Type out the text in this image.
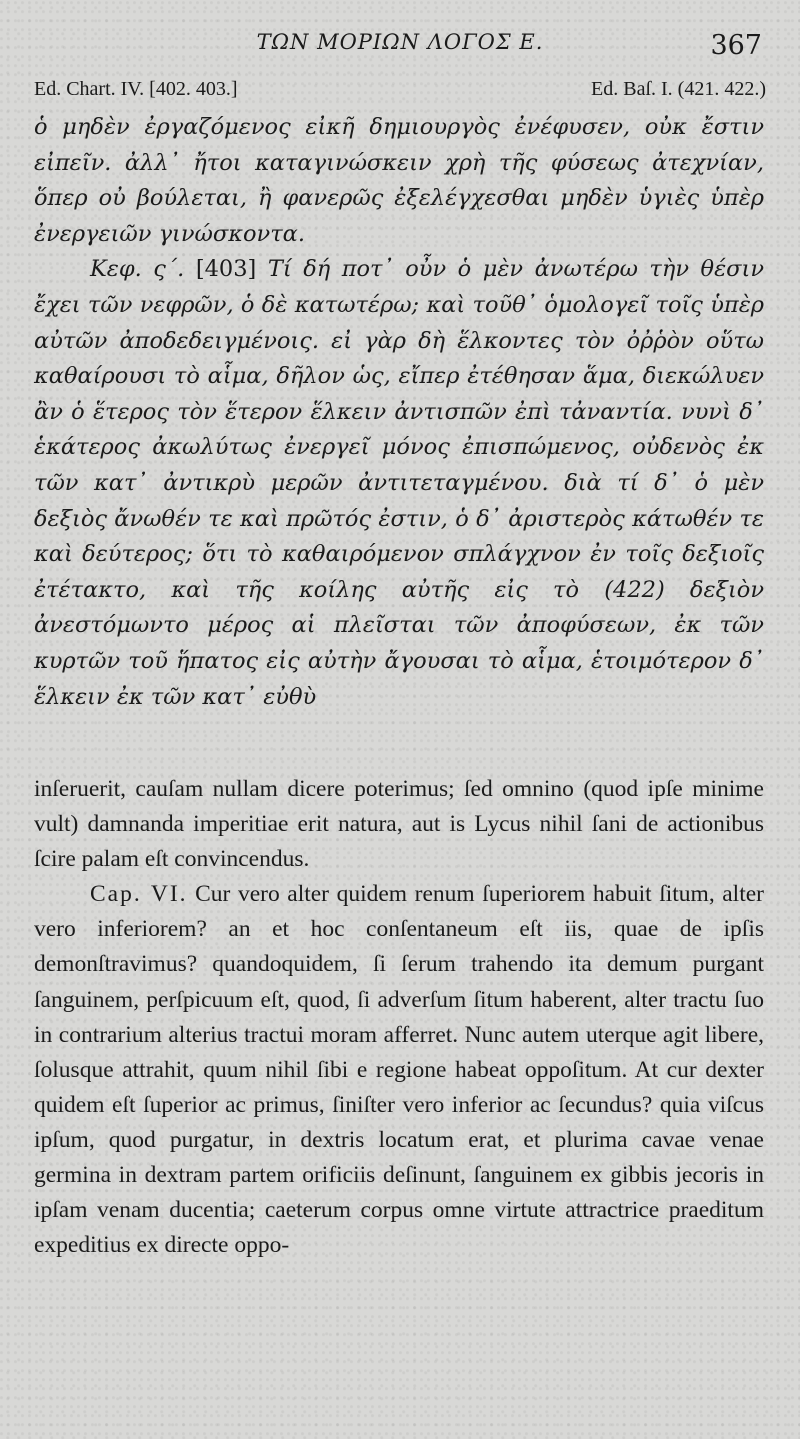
ΤΩΝ ΜΟΡΙΩΝ ΛΟΓΟΣ Ε.	367
Ed. Chart. IV. [402. 403.]	Ed. Baſ. I. (421. 422.)

ὁ μηδὲν ἐργαζόμενος εἰκῆ δημιουργὸς ἐνέφυσεν, οὐκ ἔστιν εἰπεῖν. ἀλλ᾽ ἤτοι καταγινώσκειν χρὴ τῆς φύσεως ἀτεχνίαν, ὅπερ οὐ βούλεται, ἢ φανερῶς ἐξελέγχεσθαι μηδὲν ὑγιὲς ὑπὲρ ἐνεργειῶν γινώσκοντα.

Κεφ. ς΄. [403] Τί δή ποτ᾽ οὖν ὁ μὲν ἀνωτέρω τὴν θέσιν ἔχει τῶν νεφρῶν, ὁ δὲ κατωτέρω; καὶ τοῦθ᾽ ὁμολογεῖ τοῖς ὑπὲρ αὐτῶν ἀποδεδειγμένοις. εἰ γὰρ δὴ ἕλκοντες τὸν ὀῤῥὸν οὕτω καθαίρουσι τὸ αἷμα, δῆλον ὡς, εἴπερ ἐτέθησαν ἅμα, διεκώλυεν ἂν ὁ ἕτερος τὸν ἕτερον ἕλκειν ἀντισπῶν ἐπὶ τἀναντία. νυνὶ δ᾽ ἑκάτερος ἀκωλύτως ἐνεργεῖ μόνος ἐπισπώμενος, οὐδενὸς ἐκ τῶν κατ᾽ ἀντικρὺ μερῶν ἀντιτεταγμένου. διὰ τί δ᾽ ὁ μὲν δεξιὸς ἄνωθέν τε καὶ πρῶτός ἐστιν, ὁ δ᾽ ἀριστερὸς κάτωθέν τε καὶ δεύτερος; ὅτι τὸ καθαιρόμενον σπλάγχνον ἐν τοῖς δεξιοῖς ἐτέτακτο, καὶ τῆς κοίλης αὐτῆς εἰς τὸ (422) δεξιὸν ἀνεστόμωντο μέρος αἱ πλεῖσται τῶν ἀποφύσεων, ἐκ τῶν κυρτῶν τοῦ ἥπατος εἰς αὐτὴν ἄγουσαι τὸ αἷμα, ἑτοιμότερον δ᾽ ἕλκειν ἐκ τῶν κατ᾽ εὐθὺ

inſeruerit, cauſam nullam dicere poterimus; ſed omnino (quod ipſe minime vult) damnanda imperitiae erit natura, aut is Lycus nihil ſani de actionibus ſcire palam eſt convincendus.

Cap. VI. Cur vero alter quidem renum ſuperiorem habuit ſitum, alter vero inferiorem? an et hoc conſentaneum eſt iis, quae de ipſis demonſtravimus? quandoquidem, ſi ſerum trahendo ita demum purgant ſanguinem, perſpicuum eſt, quod, ſi adverſum ſitum haberent, alter tractu ſuo in contrarium alterius tractui moram afferret. Nunc autem uterque agit libere, ſolusque attrahit, quum nihil ſibi e regione habeat oppoſitum. At cur dexter quidem eſt ſuperior ac primus, ſiniſter vero inferior ac ſecundus? quia viſcus ipſum, quod purgatur, in dextris locatum erat, et plurima cavae venae germina in dextram partem orificiis deſinunt, ſanguinem ex gibbis jecoris in ipſam venam ducentia; caeterum corpus omne virtute attractrice praeditum expeditius ex directe oppo-
